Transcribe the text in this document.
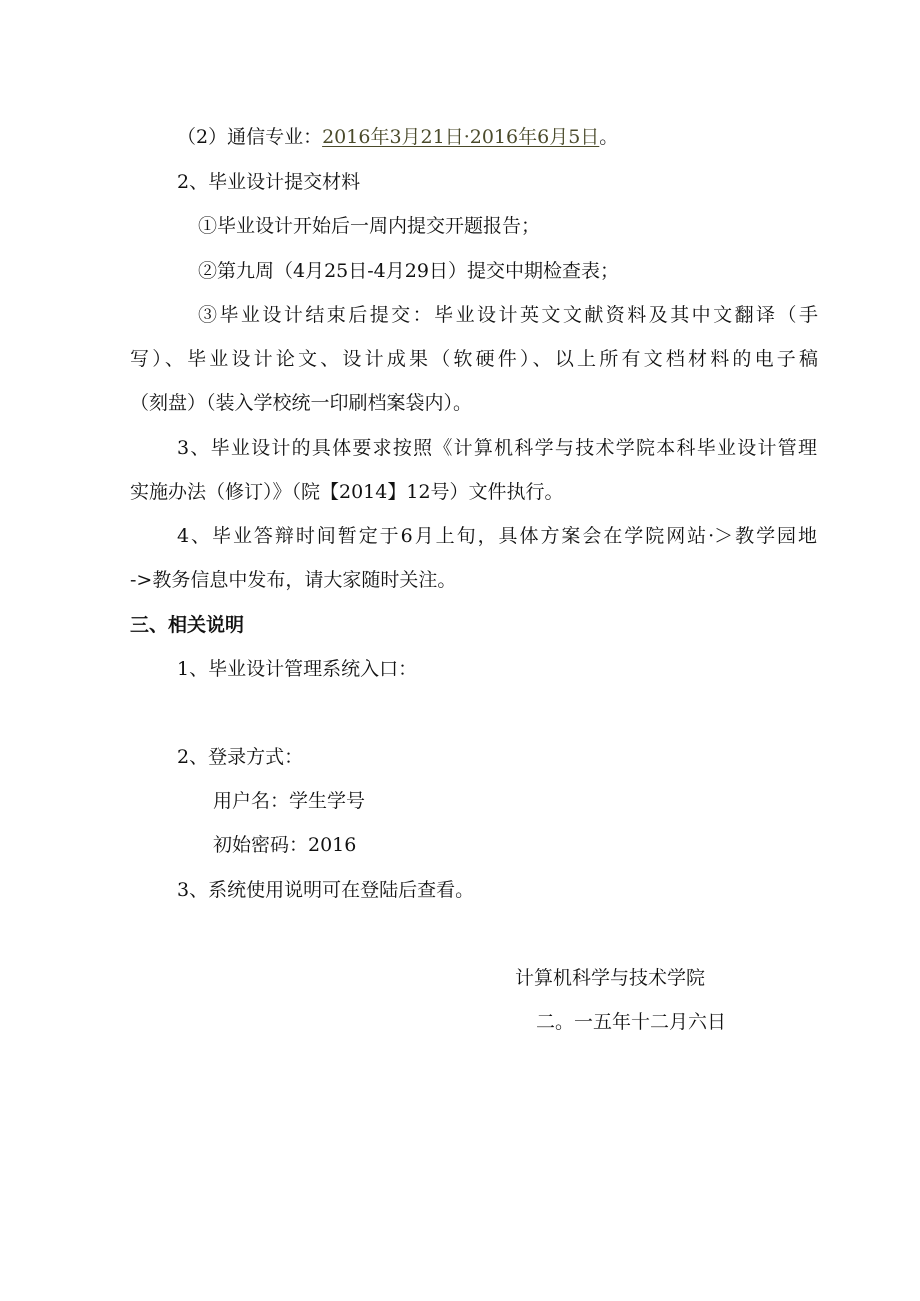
（2）通信专业：2016年3月21日·2016年6月5日。

2、毕业设计提交材料

①毕业设计开始后一周内提交开题报告；

②第九周（4月25日-4月29日）提交中期检查表；

③毕业设计结束后提交：毕业设计英文文献资料及其中文翻译（手

写）、毕业设计论文、设计成果（软硬件）、以上所有文档材料的电子稿

（刻盘）（装入学校统一印刷档案袋内）。

3、毕业设计的具体要求按照《计算机科学与技术学院本科毕业设计管理

实施办法（修订）》（院【2014】12号）文件执行。

4、毕业答辩时间暂定于6月上旬，具体方案会在学院网站·＞教学园地

->教务信息中发布，请大家随时关注。

三、相关说明

1、毕业设计管理系统入口：

2、登录方式：

用户名：学生学号

初始密码：2016

3、系统使用说明可在登陆后查看。

计算机科学与技术学院

二。一五年十二月六日
